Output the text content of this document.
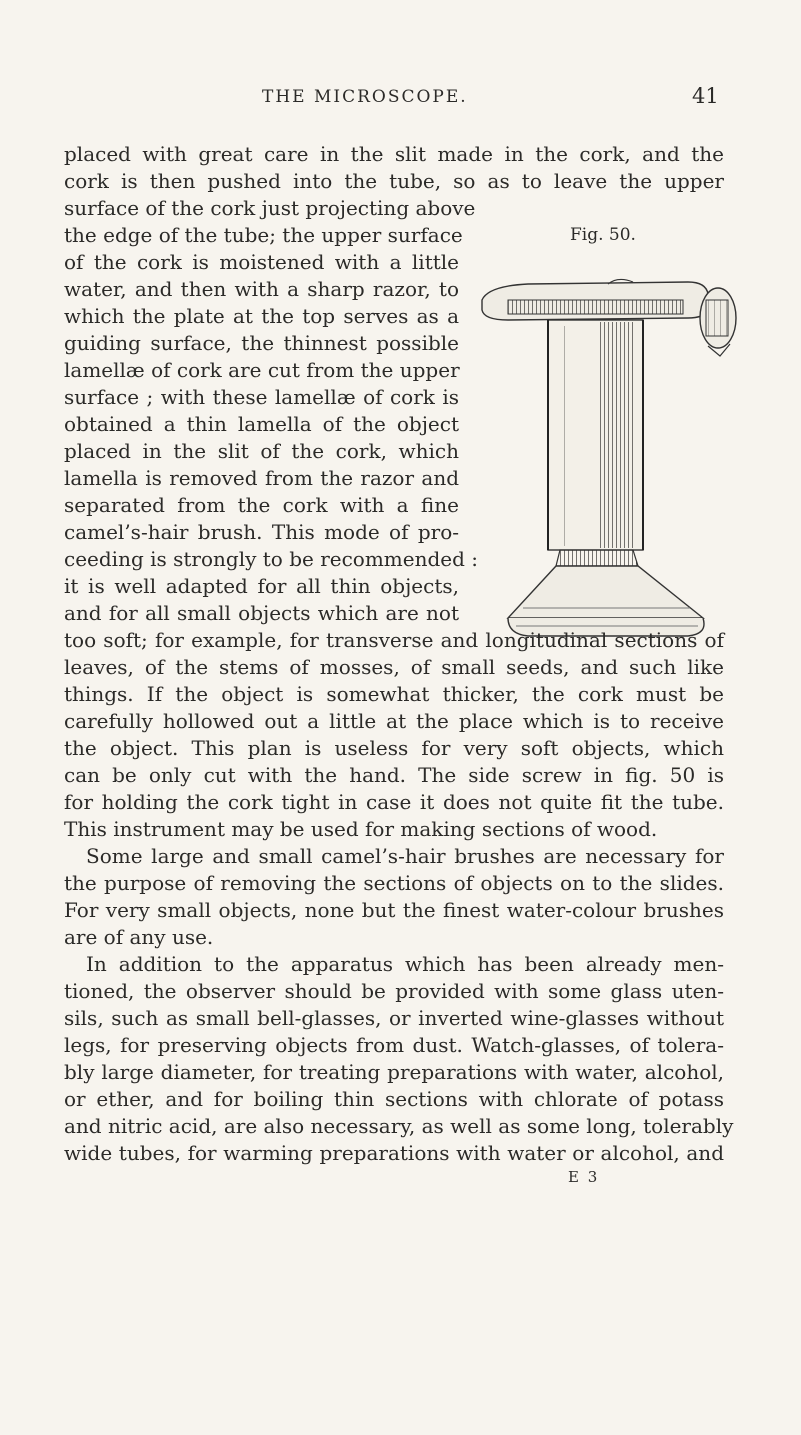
THE MICROSCOPE.	41
Fig. 50.
placed with great care in the slit made in the cork, and the
cork is then pushed into the tube, so as to leave the upper
surface of the cork just projecting above
the edge of the tube; the upper surface
of the cork is moistened with a little
water, and then with a sharp razor, to
which the plate at the top serves as a
guiding surface, the thinnest possible
lamellæ of cork are cut from the upper
surface ; with these lamellæ of cork is
obtained a thin lamella of the object
placed in the slit of the cork, which
lamella is removed from the razor and
separated from the cork with a fine
camel’s-hair brush. This mode of pro-
ceeding is strongly to be recommended :
it is well adapted for all thin objects,
and for all small objects which are not
too soft; for example, for transverse and longitudinal sections of
leaves, of the stems of mosses, of small seeds, and such like
things. If the object is somewhat thicker, the cork must be
carefully hollowed out a little at the place which is to receive
the object. This plan is useless for very soft objects, which
can be only cut with the hand. The side screw in fig. 50 is
for holding the cork tight in case it does not quite fit the tube.
This instrument may be used for making sections of wood.
Some large and small camel’s-hair brushes are necessary for
the purpose of removing the sections of objects on to the slides.
For very small objects, none but the finest water-colour brushes
are of any use.
In addition to the apparatus which has been already men-
tioned, the observer should be provided with some glass uten-
sils, such as small bell-glasses, or inverted wine-glasses without
legs, for preserving objects from dust. Watch-glasses, of tolera-
bly large diameter, for treating preparations with water, alcohol,
or ether, and for boiling thin sections with chlorate of potass
and nitric acid, are also necessary, as well as some long, tolerably
wide tubes, for warming preparations with water or alcohol, and
E 3
